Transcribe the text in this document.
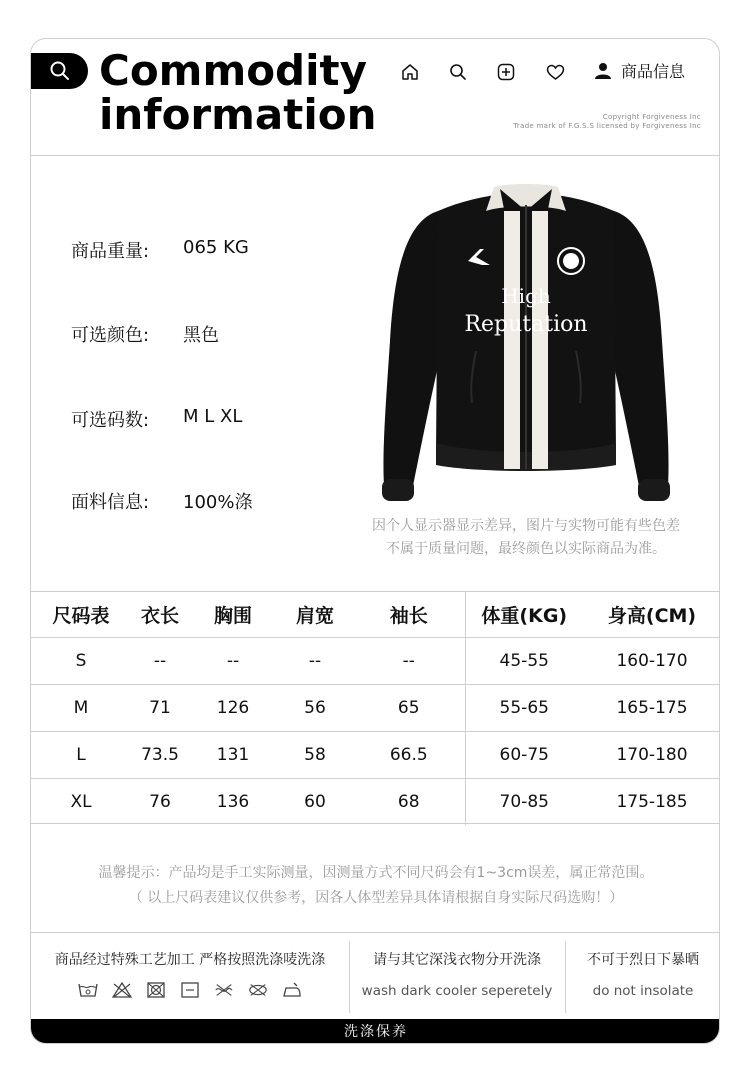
Commodity
information
商品信息
Copyright Forgiveness Inc
Trade mark of F.G.S.S licensed by Forgiveness Inc
商品重量:	065 KG
可选颜色:	黑色
可选码数:	M L XL
面料信息:	100%涤
High
Reputation
因个人显示器显示差异，图片与实物可能有些色差
不属于质量问题，最终颜色以实际商品为准。
尺码表	衣长	胸围	肩宽	袖长	体重(KG)	身高(CM)
S	--	--	--	--	45-55	160-170
M	71	126	56	65	55-65	165-175
L	73.5	131	58	66.5	60-75	170-180
XL	76	136	60	68	70-85	175-185
温馨提示：产品均是手工实际测量，因测量方式不同尺码会有1~3cm误差，属正常范围。
（ 以上尺码表建议仅供参考，因各人体型差异具体请根据自身实际尺码选购！）
商品经过特殊工艺加工 严格按照洗涤唛洗涤	请与其它深浅衣物分开洗涤
wash dark cooler seperetely
不可于烈日下暴晒
do not insolate
洗涤保养
